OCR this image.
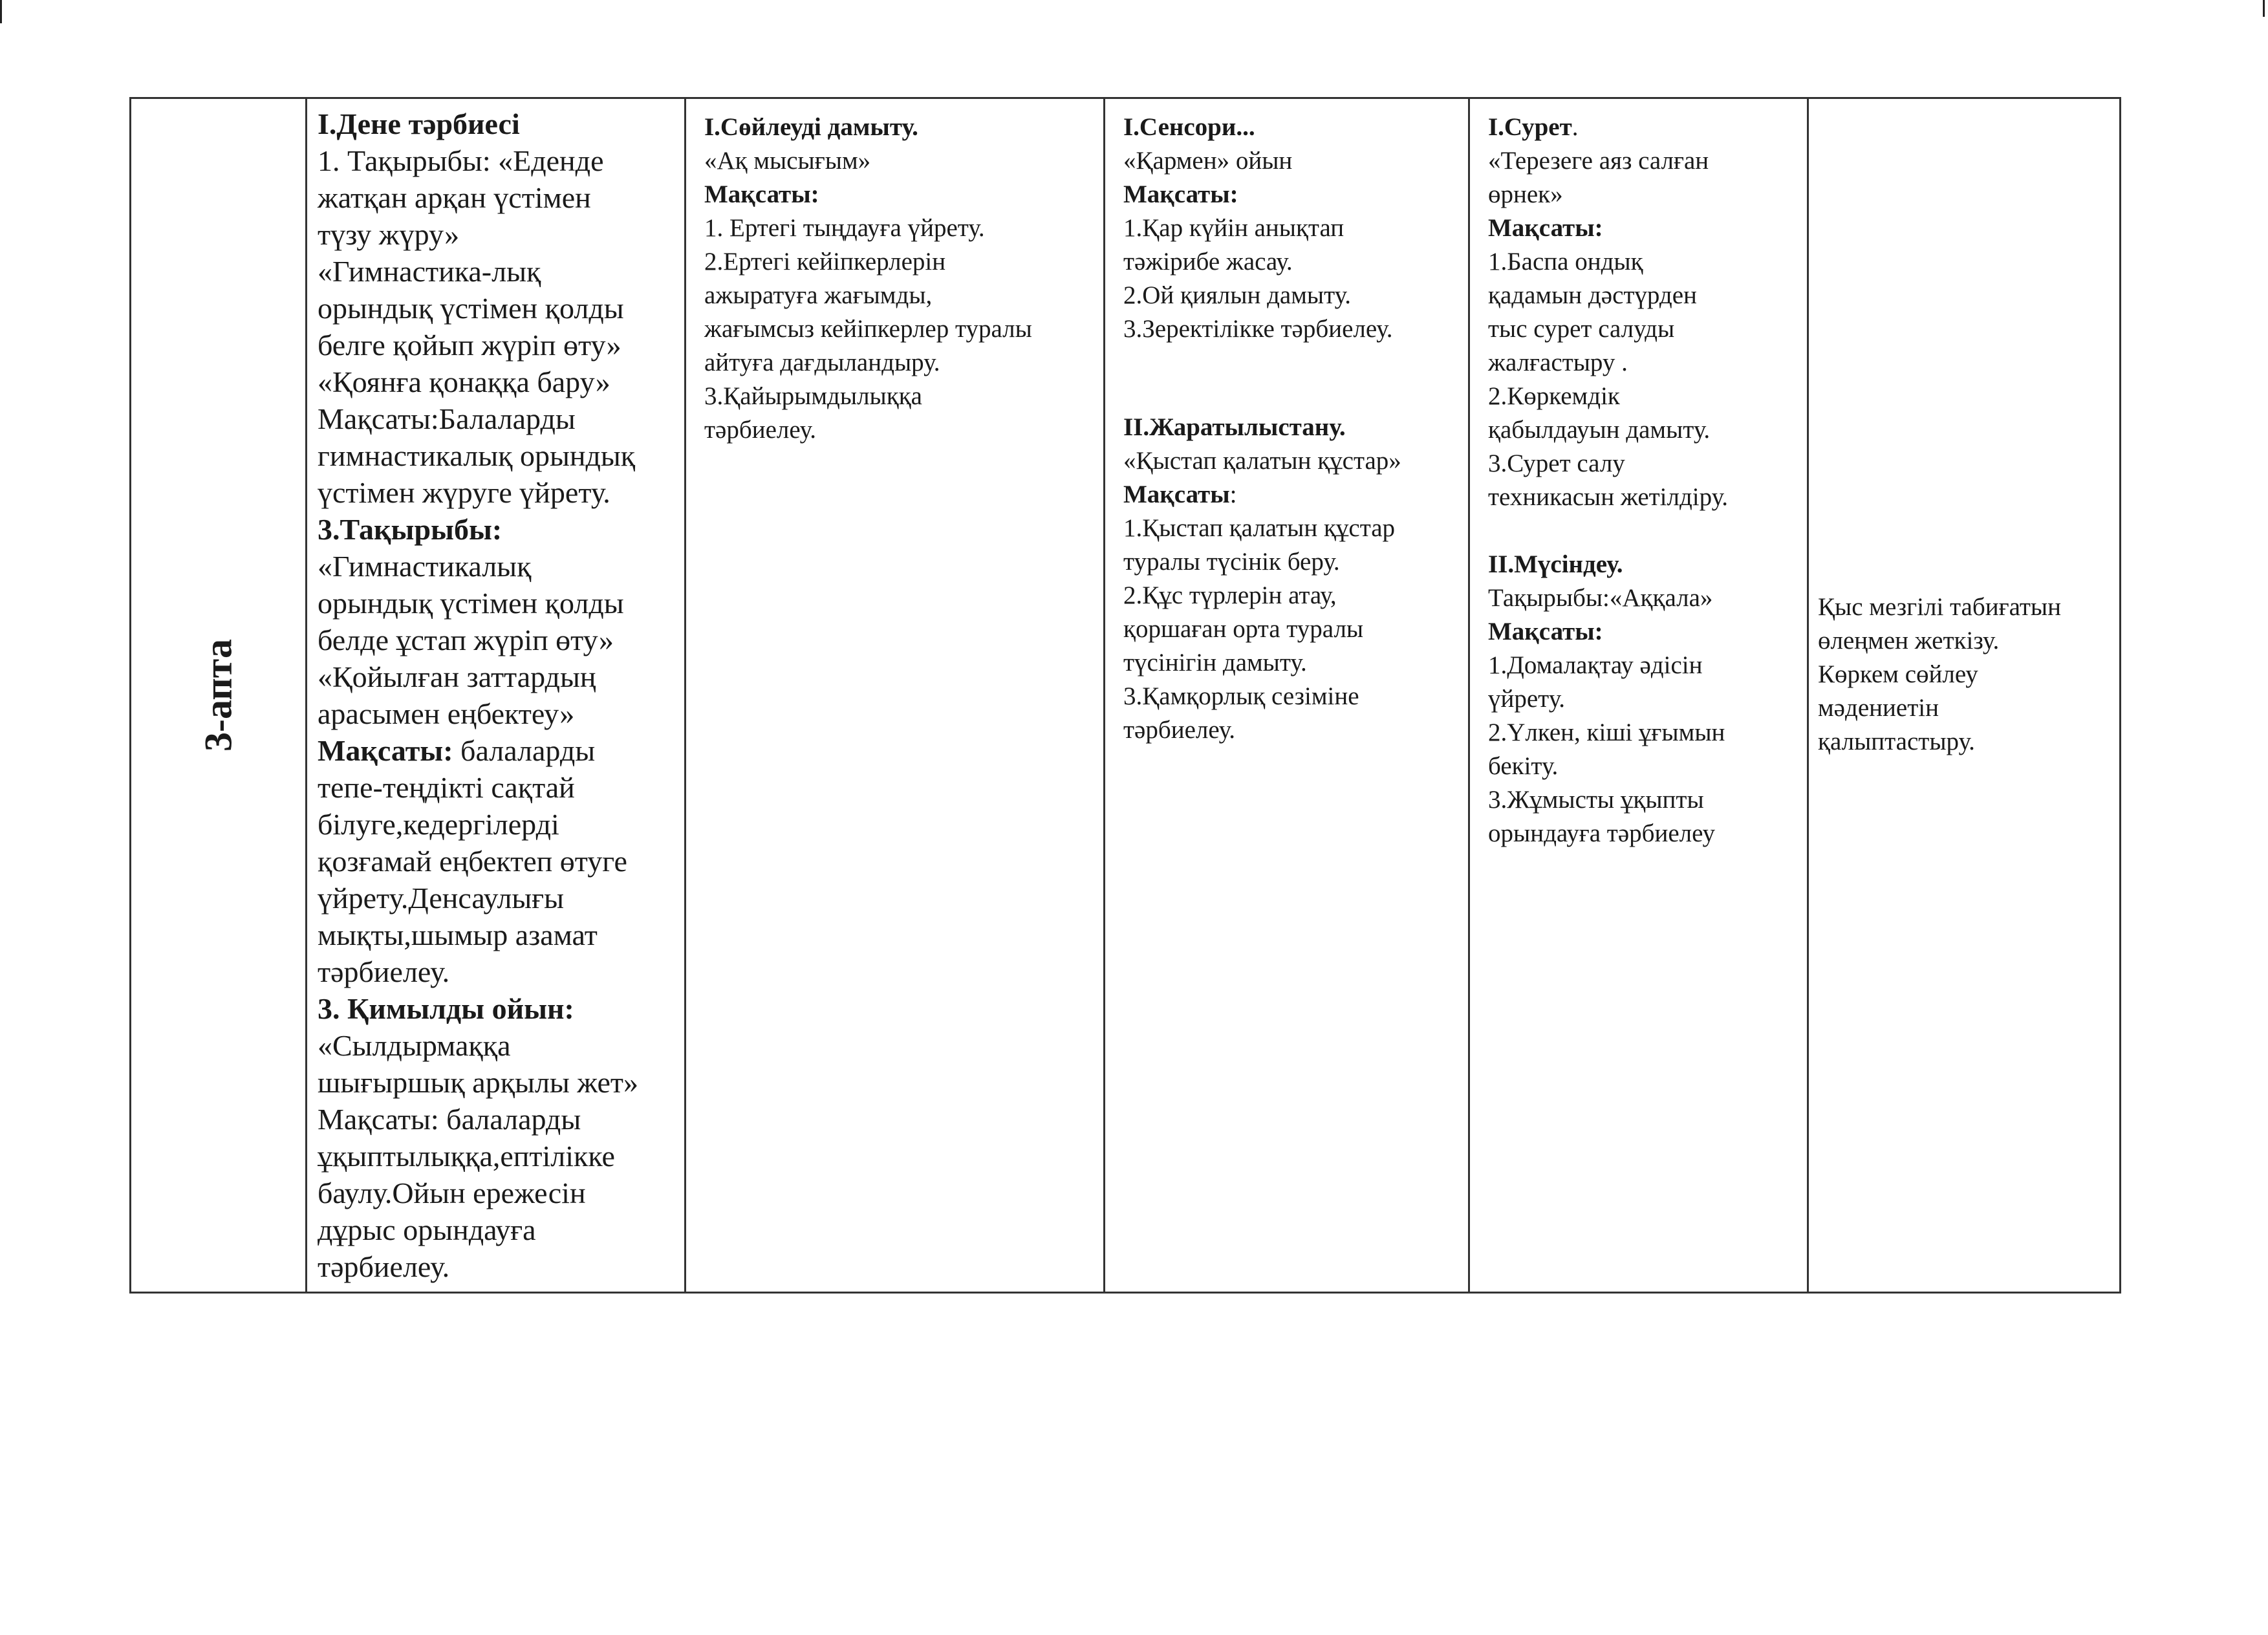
3-апта

I.Дене тәрбиесі

1. Тақырыбы: «Еденде

жатқан арқан үстімен

түзу жүру»

«Гимнастика-лық

орындық үстімен қолды

белге қойып жүріп өту»

«Қоянға қонаққа бару»

Мақсаты:Балаларды

гимнастикалық орындық

үстімен жүруге үйрету.

3.Тақырыбы:

«Гимнастикалық

орындық үстімен қолды

белде ұстап жүріп өту»

«Қойылған заттардың

арасымен еңбектеу»

Мақсаты: балаларды

тепе-теңдікті сақтай

білуге,кедергілерді

қозғамай еңбектеп өтуге

үйрету.Денсаулығы

мықты,шымыр азамат

тәрбиелеу.

3. Қимылды ойын:

«Сылдырмаққа

шығыршық арқылы жет»

Мақсаты: балаларды

ұқыптылыққа,ептілікке

баулу.Ойын ережесін

дұрыс орындауға

тәрбиелеу.

I.Сөйлеуді дамыту.

«Ақ мысығым»

Мақсаты:

1. Ертегі тыңдауға үйрету.

2.Ертегі кейіпкерлерін

ажыратуға жағымды,

жағымсыз кейіпкерлер туралы

айтуға дағдыландыру.

3.Қайырымдылыққа

тәрбиелеу.

I.Сенсори...

«Қармен» ойын

Мақсаты:

1.Қар күйін анықтап

тәжірибе жасау.

2.Ой қиялын дамыту.

3.Зеректілікке тәрбиелеу.

II.Жаратылыстану.

«Қыстап қалатын құстар»

Мақсаты:

1.Қыстап қалатын құстар

туралы түсінік беру.

2.Құс түрлерін атау,

қоршаған орта туралы

түсінігін дамыту.

3.Қамқорлық сезіміне

тәрбиелеу.

I.Сурет.

«Терезеге аяз салған

өрнек»

Мақсаты:

1.Баспа ондық

қадамын дәстүрден

тыс сурет салуды

жалғастыру .

2.Көркемдік

қабылдауын дамыту.

3.Сурет салу

техникасын жетілдіру.

II.Мүсіндеу.

Тақырыбы:«Аққала»

Мақсаты:

1.Домалақтау әдісін

үйрету.

2.Үлкен, кіші ұғымын

бекіту.

3.Жұмысты ұқыпты

орындауға тәрбиелеу

Қыс мезгілі табиғатын

өлеңмен жеткізу.

Көркем сөйлеу

мәдениетін

қалыптастыру.
